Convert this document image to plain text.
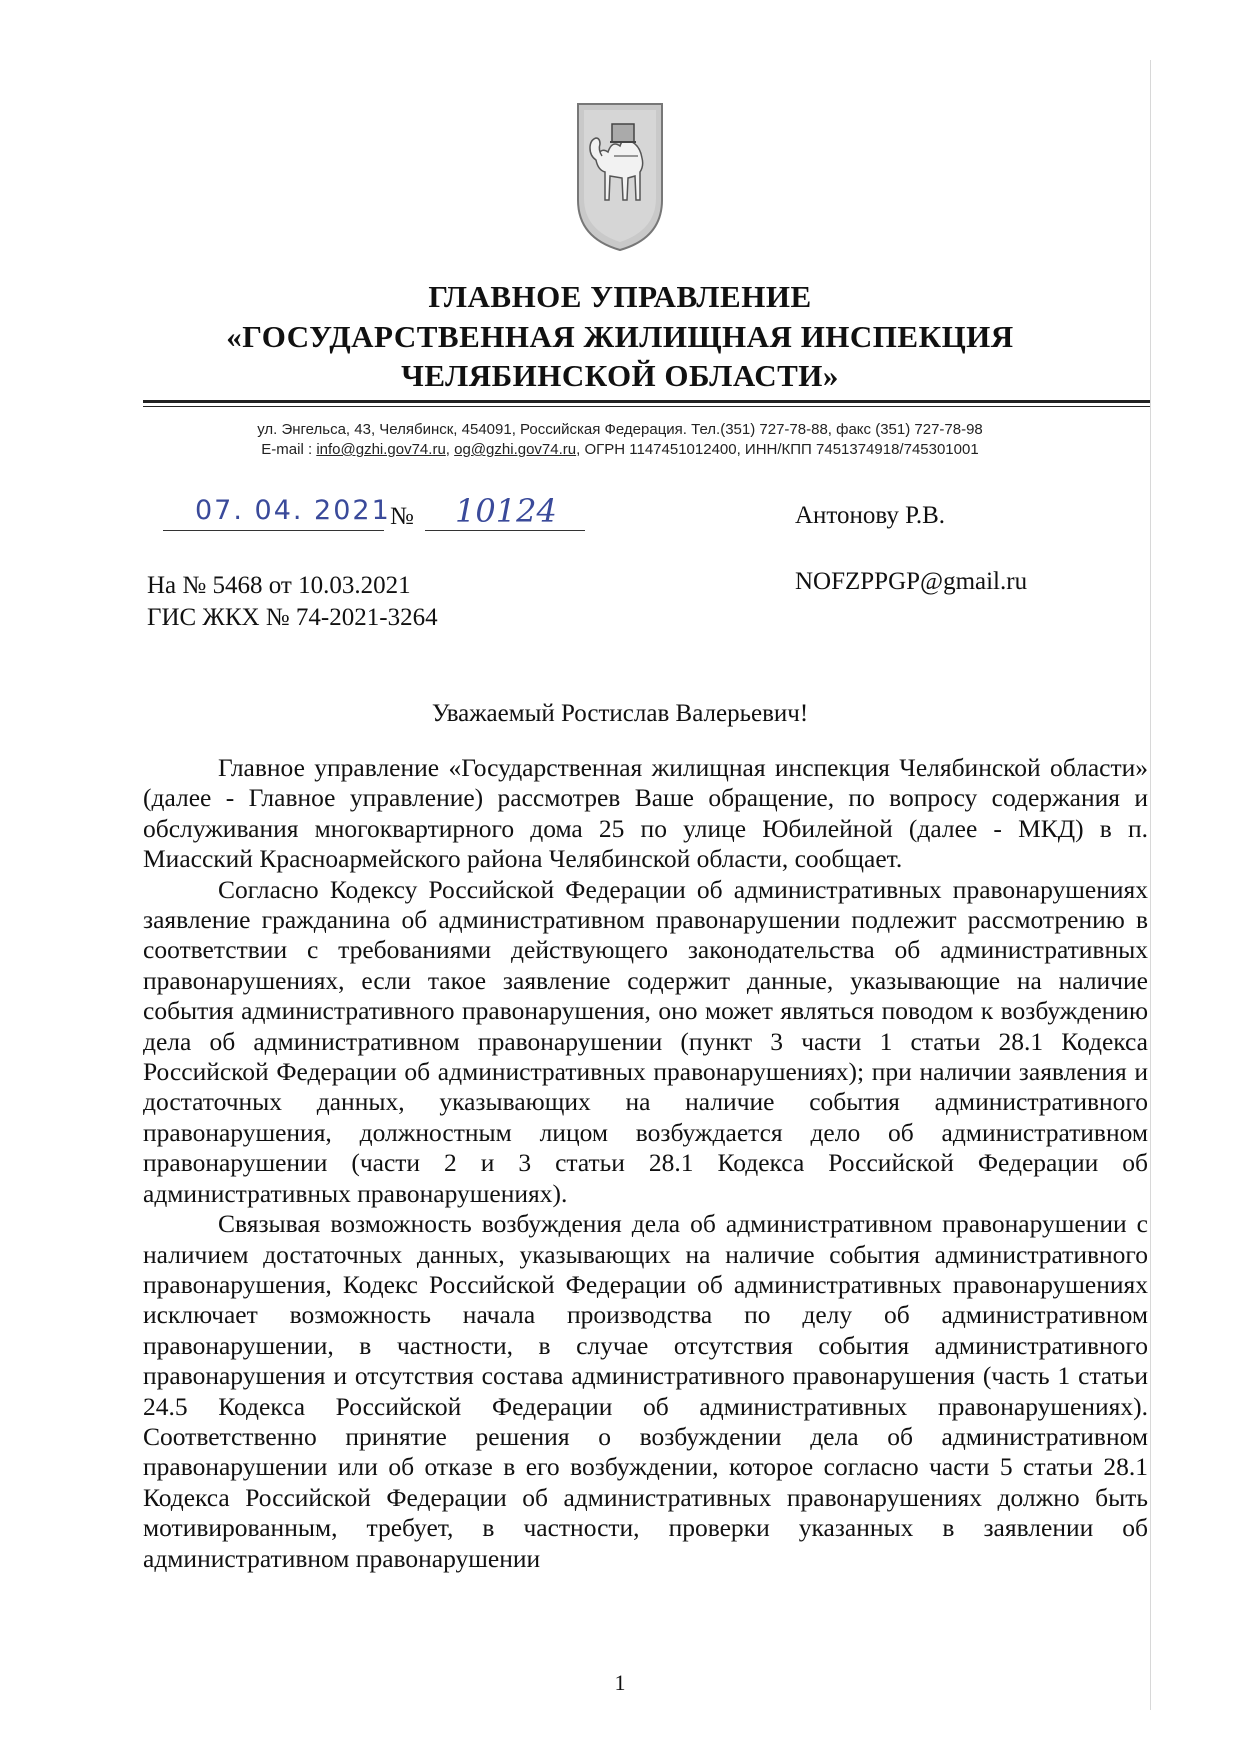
ГЛАВНОЕ УПРАВЛЕНИЕ
«ГОСУДАРСТВЕННАЯ ЖИЛИЩНАЯ ИНСПЕКЦИЯ
ЧЕЛЯБИНСКОЙ ОБЛАСТИ»
ул. Энгельса, 43, Челябинск, 454091, Российская Федерация. Тел.(351) 727-78-88, факс (351) 727-78-98
E-mail : info@gzhi.gov74.ru, og@gzhi.gov74.ru, ОГРН 1147451012400, ИНН/КПП 7451374918/745301001
07. 04. 2021 № 10124	Антонову Р.В.
NOFZPPGP@gmail.ru
На № 5468 от 10.03.2021
ГИС ЖКХ № 74-2021-3264
Уважаемый Ростислав Валерьевич!

Главное управление «Государственная жилищная инспекция Челябинской области» (далее - Главное управление) рассмотрев Ваше обращение, по вопросу содержания и обслуживания многоквартирного дома 25 по улице Юбилейной (далее - МКД) в п. Миасский Красноармейского района Челябинской области, сообщает.

Согласно Кодексу Российской Федерации об административных правонарушениях заявление гражданина об административном правонарушении подлежит рассмотрению в соответствии с требованиями действующего законодательства об административных правонарушениях, если такое заявление содержит данные, указывающие на наличие события административного правонарушения, оно может являться поводом к возбуждению дела об административном правонарушении (пункт 3 части 1 статьи 28.1 Кодекса Российской Федерации об административных правонарушениях); при наличии заявления и достаточных данных, указывающих на наличие события административного правонарушения, должностным лицом возбуждается дело об административном правонарушении (части 2 и 3 статьи 28.1 Кодекса Российской Федерации об административных правонарушениях).

Связывая возможность возбуждения дела об административном правонарушении с наличием достаточных данных, указывающих на наличие события административного правонарушения, Кодекс Российской Федерации об административных правонарушениях исключает возможность начала производства по делу об административном правонарушении, в частности, в случае отсутствия события административного правонарушения и отсутствия состава административного правонарушения (часть 1 статьи 24.5 Кодекса Российской Федерации об административных правонарушениях). Соответственно принятие решения о возбуждении дела об административном правонарушении или об отказе в его возбуждении, которое согласно части 5 статьи 28.1 Кодекса Российской Федерации об административных правонарушениях должно быть мотивированным, требует, в частности, проверки указанных в заявлении об административном правонарушении

1
